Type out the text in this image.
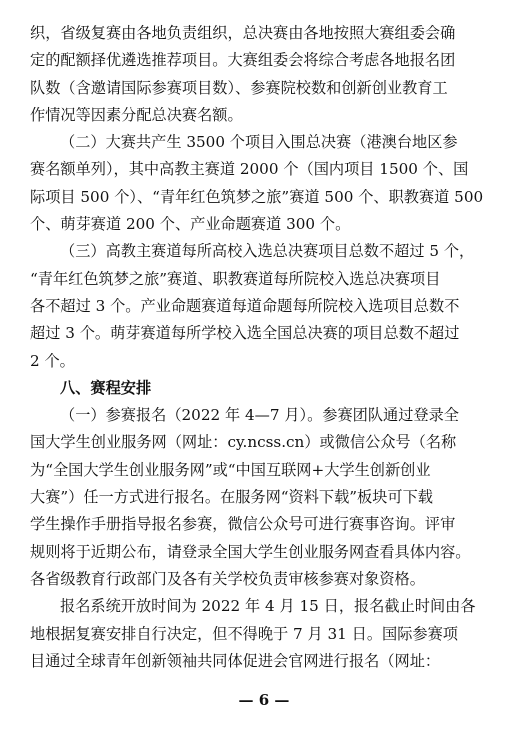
织，省级复赛由各地负责组织，总决赛由各地按照大赛组委会确
定的配额择优遴选推荐项目。大赛组委会将综合考虑各地报名团
队数（含邀请国际参赛项目数）、参赛院校数和创新创业教育工
作情况等因素分配总决赛名额。
（二）大赛共产生 3500 个项目入围总决赛（港澳台地区参
赛名额单列），其中高教主赛道 2000 个（国内项目 1500 个、国
际项目 500 个）、“青年红色筑梦之旅”赛道 500 个、职教赛道 500
个、萌芽赛道 200 个、产业命题赛道 300 个。
（三）高教主赛道每所高校入选总决赛项目总数不超过 5 个，
“青年红色筑梦之旅”赛道、职教赛道每所院校入选总决赛项目
各不超过 3 个。产业命题赛道每道命题每所院校入选项目总数不
超过 3 个。萌芽赛道每所学校入选全国总决赛的项目总数不超过
2 个。
八、赛程安排
（一）参赛报名（2022 年 4—7 月）。参赛团队通过登录全
国大学生创业服务网（网址：cy.ncss.cn）或微信公众号（名称
为“全国大学生创业服务网”或“中国互联网+大学生创新创业
大赛”）任一方式进行报名。在服务网“资料下载”板块可下载
学生操作手册指导报名参赛，微信公众号可进行赛事咨询。评审
规则将于近期公布，请登录全国大学生创业服务网查看具体内容。
各省级教育行政部门及各有关学校负责审核参赛对象资格。
报名系统开放时间为 2022 年 4 月 15 日，报名截止时间由各
地根据复赛安排自行决定，但不得晚于 7 月 31 日。国际参赛项
目通过全球青年创新领袖共同体促进会官网进行报名（网址：
— 6 —
